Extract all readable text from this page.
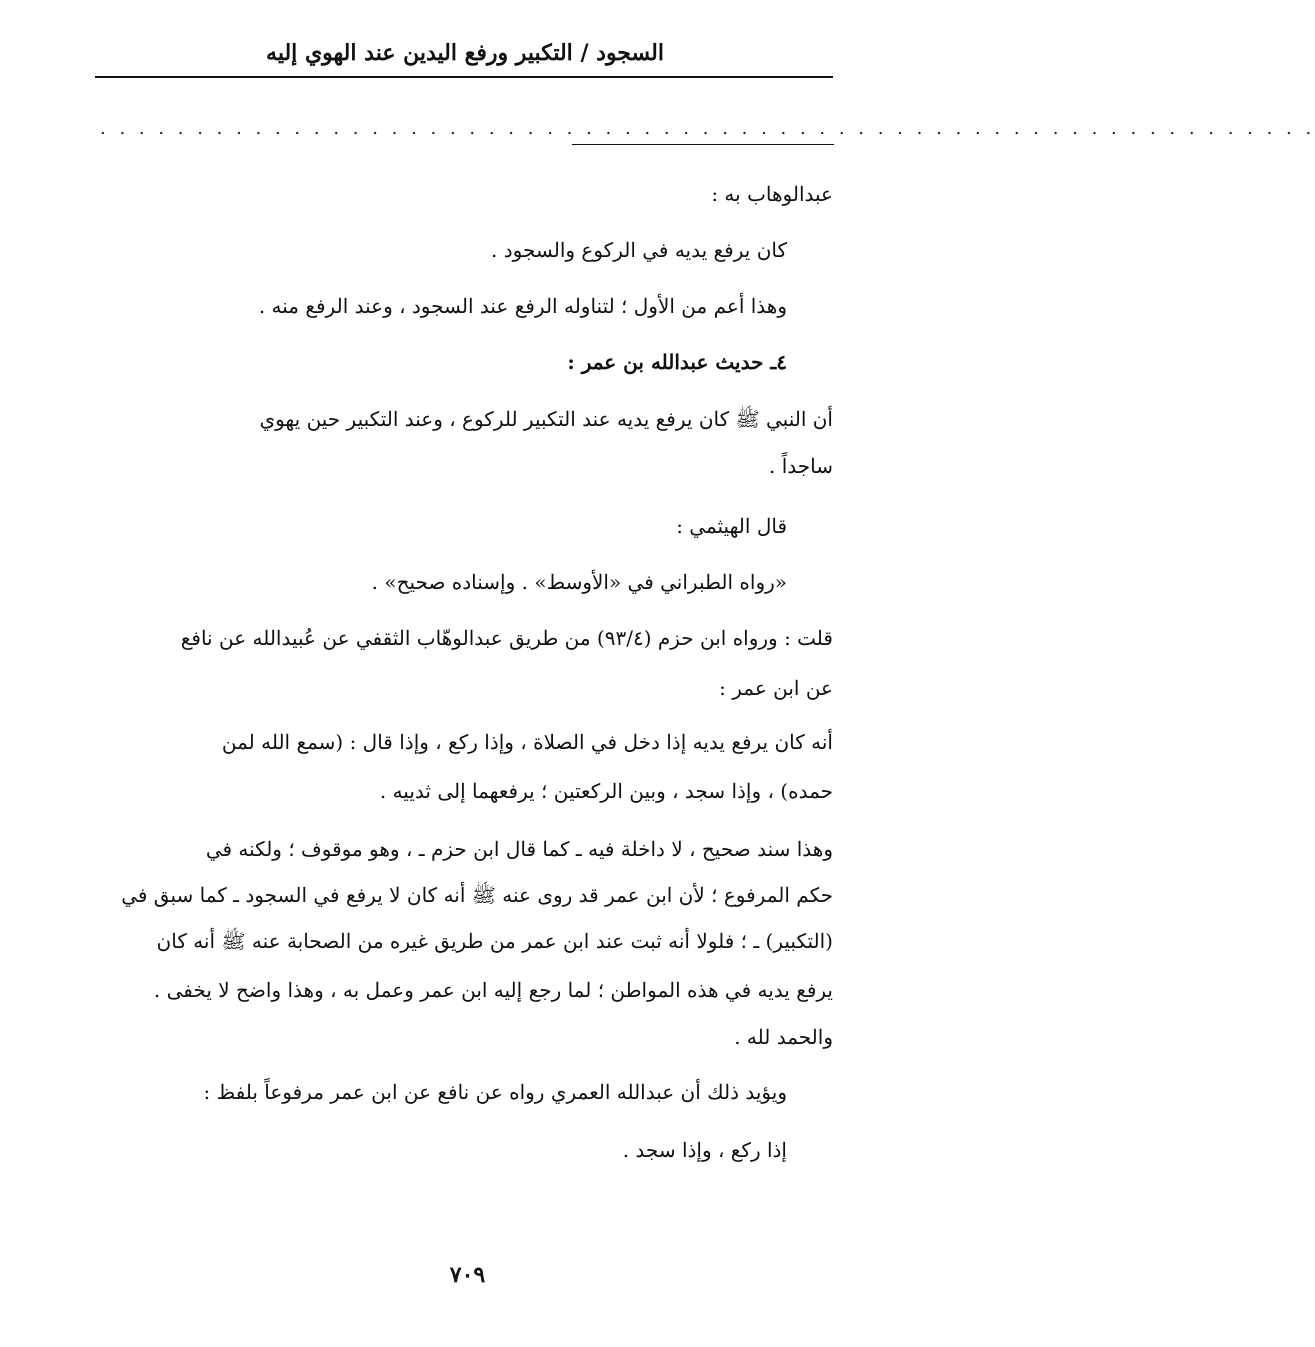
السجود / التكبير ورفع اليدين عند الهوي إليه
. . . . . . . . . . . . . . . . . . . . . . . . . . . . . . . . . . . . . . . . . . . . . . . . . . . . . . . . . . . . . . .
عبدالوهاب به :
كان يرفع يديه في الركوع والسجود .
وهذا أعم من الأول ؛ لتناوله الرفع عند السجود ، وعند الرفع منه .
٤ـ حديث عبدالله بن عمر :
أن النبي ﷺ كان يرفع يديه عند التكبير للركوع ، وعند التكبير حين يهوي
ساجداً .
قال الهيثمي :
«رواه الطبراني في «الأوسط» . وإسناده صحيح» .
قلت : ورواه ابن حزم (٩٣/٤) من طريق عبدالوهّاب الثقفي عن عُبيدالله عن نافع
عن ابن عمر :
أنه كان يرفع يديه إذا دخل في الصلاة ، وإذا ركع ، وإذا قال : (سمع الله لمن
حمده) ، وإذا سجد ، وبين الركعتين ؛ يرفعهما إلى ثدييه .
وهذا سند صحيح ، لا داخلة فيه ـ كما قال ابن حزم ـ ، وهو موقوف ؛ ولكنه في
حكم المرفوع ؛ لأن ابن عمر قد روى عنه ﷺ أنه كان لا يرفع في السجود ـ كما سبق في
(التكبير) ـ ؛ فلولا أنه ثبت عند ابن عمر من طريق غيره من الصحابة عنه ﷺ أنه كان
يرفع يديه في هذه المواطن ؛ لما رجع إليه ابن عمر وعمل به ، وهذا واضح لا يخفى .
والحمد لله .
ويؤيد ذلك أن عبدالله العمري رواه عن نافع عن ابن عمر مرفوعاً بلفظ :
إذا ركع ، وإذا سجد .
٧٠٩
